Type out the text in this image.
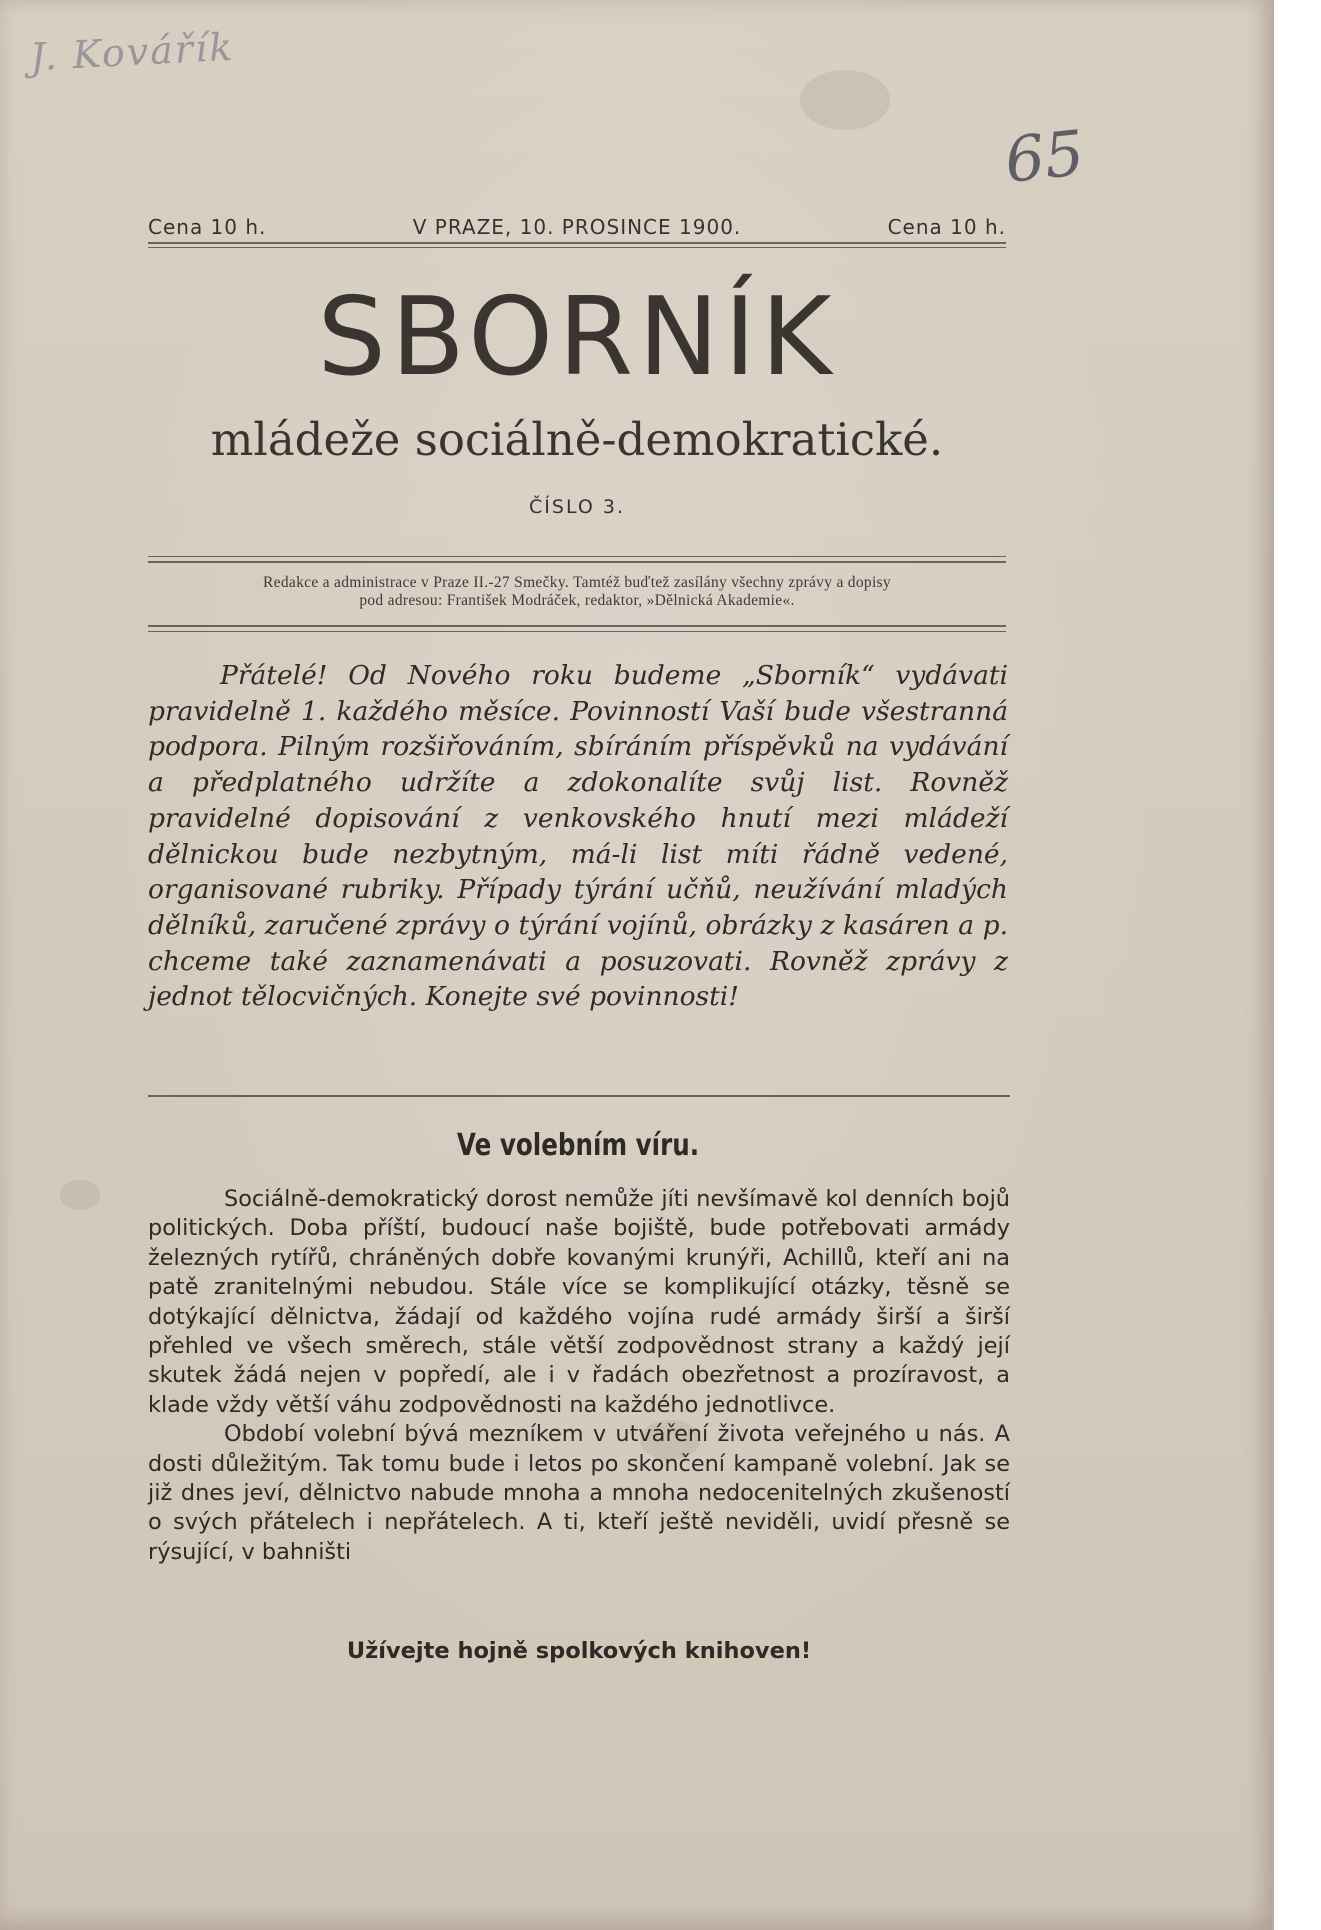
J. Kovářík
65
Cena 10 h.	V PRAZE, 10. PROSINCE 1900.	Cena 10 h.
SBORNÍK
mládeže sociálně-demokratické.
ČÍSLO 3.
Redakce a administrace v Praze II.-27 Smečky. Tamtéž buďtež zasílány všechny zprávy a dopisy
pod adresou: František Modráček, redaktor, »Dělnická Akademie«.

Přátelé! Od Nového roku budeme „Sborník“ vydávati pravidelně 1. každého měsíce. Povinností Vaší bude všestranná podpora. Pilným rozšiřováním, sbíráním příspěvků na vydávání a předplatného udržíte a zdokonalíte svůj list. Rovněž pravidelné dopisování z venkovského hnutí mezi mládeží dělnickou bude nezbytným, má-li list míti řádně vedené, organisované rubriky. Případy týrání učňů, neužívání mladých dělníků, zaručené zprávy o týrání vojínů, obrázky z kasáren a p. chceme také zaznamenávati a posuzovati. Rovněž zprávy z jednot tělocvičných. Konejte své povinnosti!

Ve volebním víru.

Sociálně-demokratický dorost nemůže jíti nevšímavě kol denních bojů politických. Doba příští, budoucí naše bojiště, bude potřebovati armády železných rytířů, chráněných dobře kovanými krunýři, Achillů, kteří ani na patě zranitelnými nebudou. Stále více se komplikující otázky, těsně se dotýkající dělnictva, žádají od každého vojína rudé armády širší a širší přehled ve všech směrech, stále větší zodpovědnost strany a každý její skutek žádá nejen v popředí, ale i v řadách obezřetnost a prozíravost, a klade vždy větší váhu zodpovědnosti na každého jednotlivce.

Období volební bývá mezníkem v utváření života veřejného u nás. A dosti důležitým. Tak tomu bude i letos po skončení kampaně volební. Jak se již dnes jeví, dělnictvo nabude mnoha a mnoha nedocenitelných zkušeností o svých přátelech i nepřátelech. A ti, kteří ještě neviděli, uvidí přesně se rýsující, v bahništi

Užívejte hojně spolkových knihoven!
